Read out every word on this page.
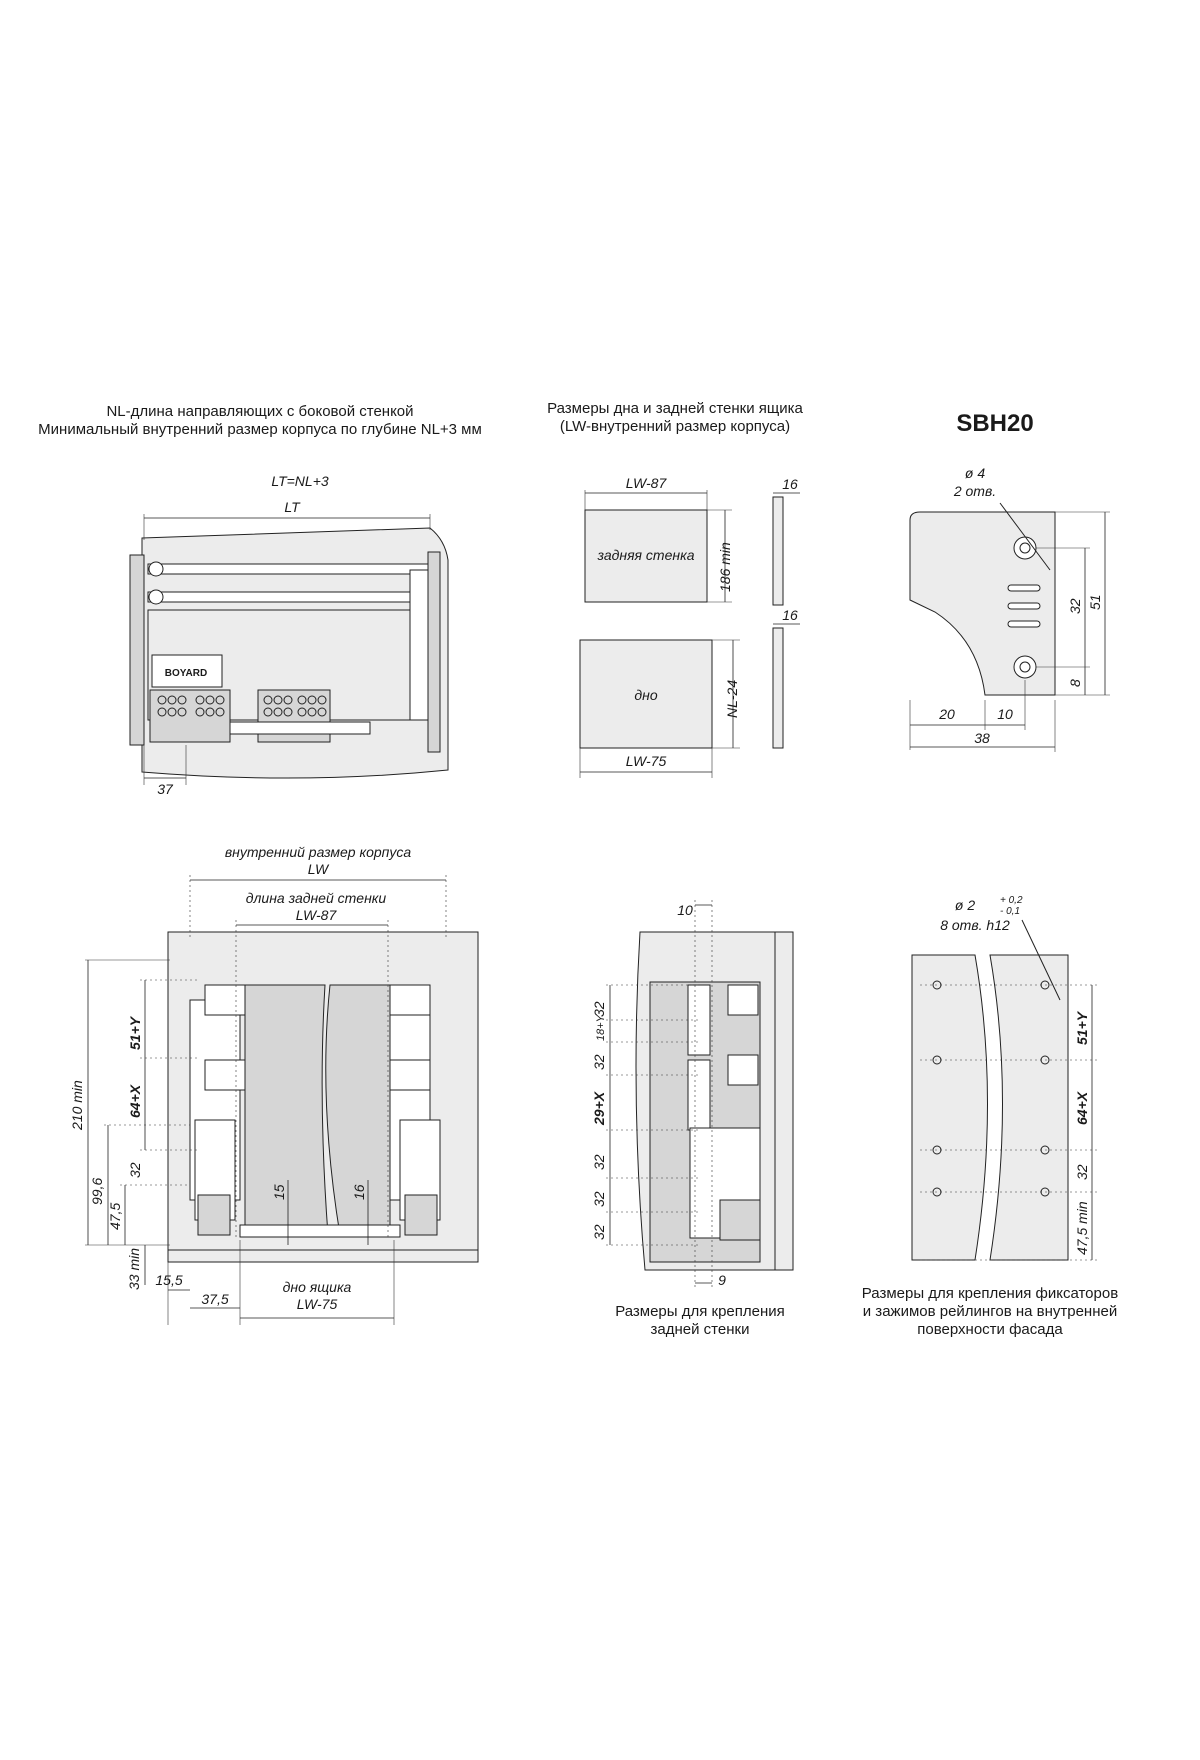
NL-длина направляющих с боковой стенкой
Минимальный внутренний размер корпуса по глубине NL+3 мм
Размеры дна и задней стенки ящика
(LW-внутренний размер корпуса)	SBH20
Размеры для крепления
задней стенки
Размеры для крепления фиксаторов
и зажимов рейлингов на внутренней
поверхности фасада
BOYARD
LT=NL+3
LT
37
задняя стенка
LW-87
186 min
16
дно	NL-24
LW-75
16
ø 4
2 отв.
32 51
8
20	10
38
внутренний размер корпуса
LW
длина задней стенки
LW-87
210 min
99,6
47,5
51+Y
64+X
32
33 min
15	16
15,5
37,5
дно ящика
LW-75
10
9
32
18+Y
32
29+X
32
32
32
ø 2 + 0,2
- 0,1
8 отв. h12
51+Y
64+X
32
47,5 min
